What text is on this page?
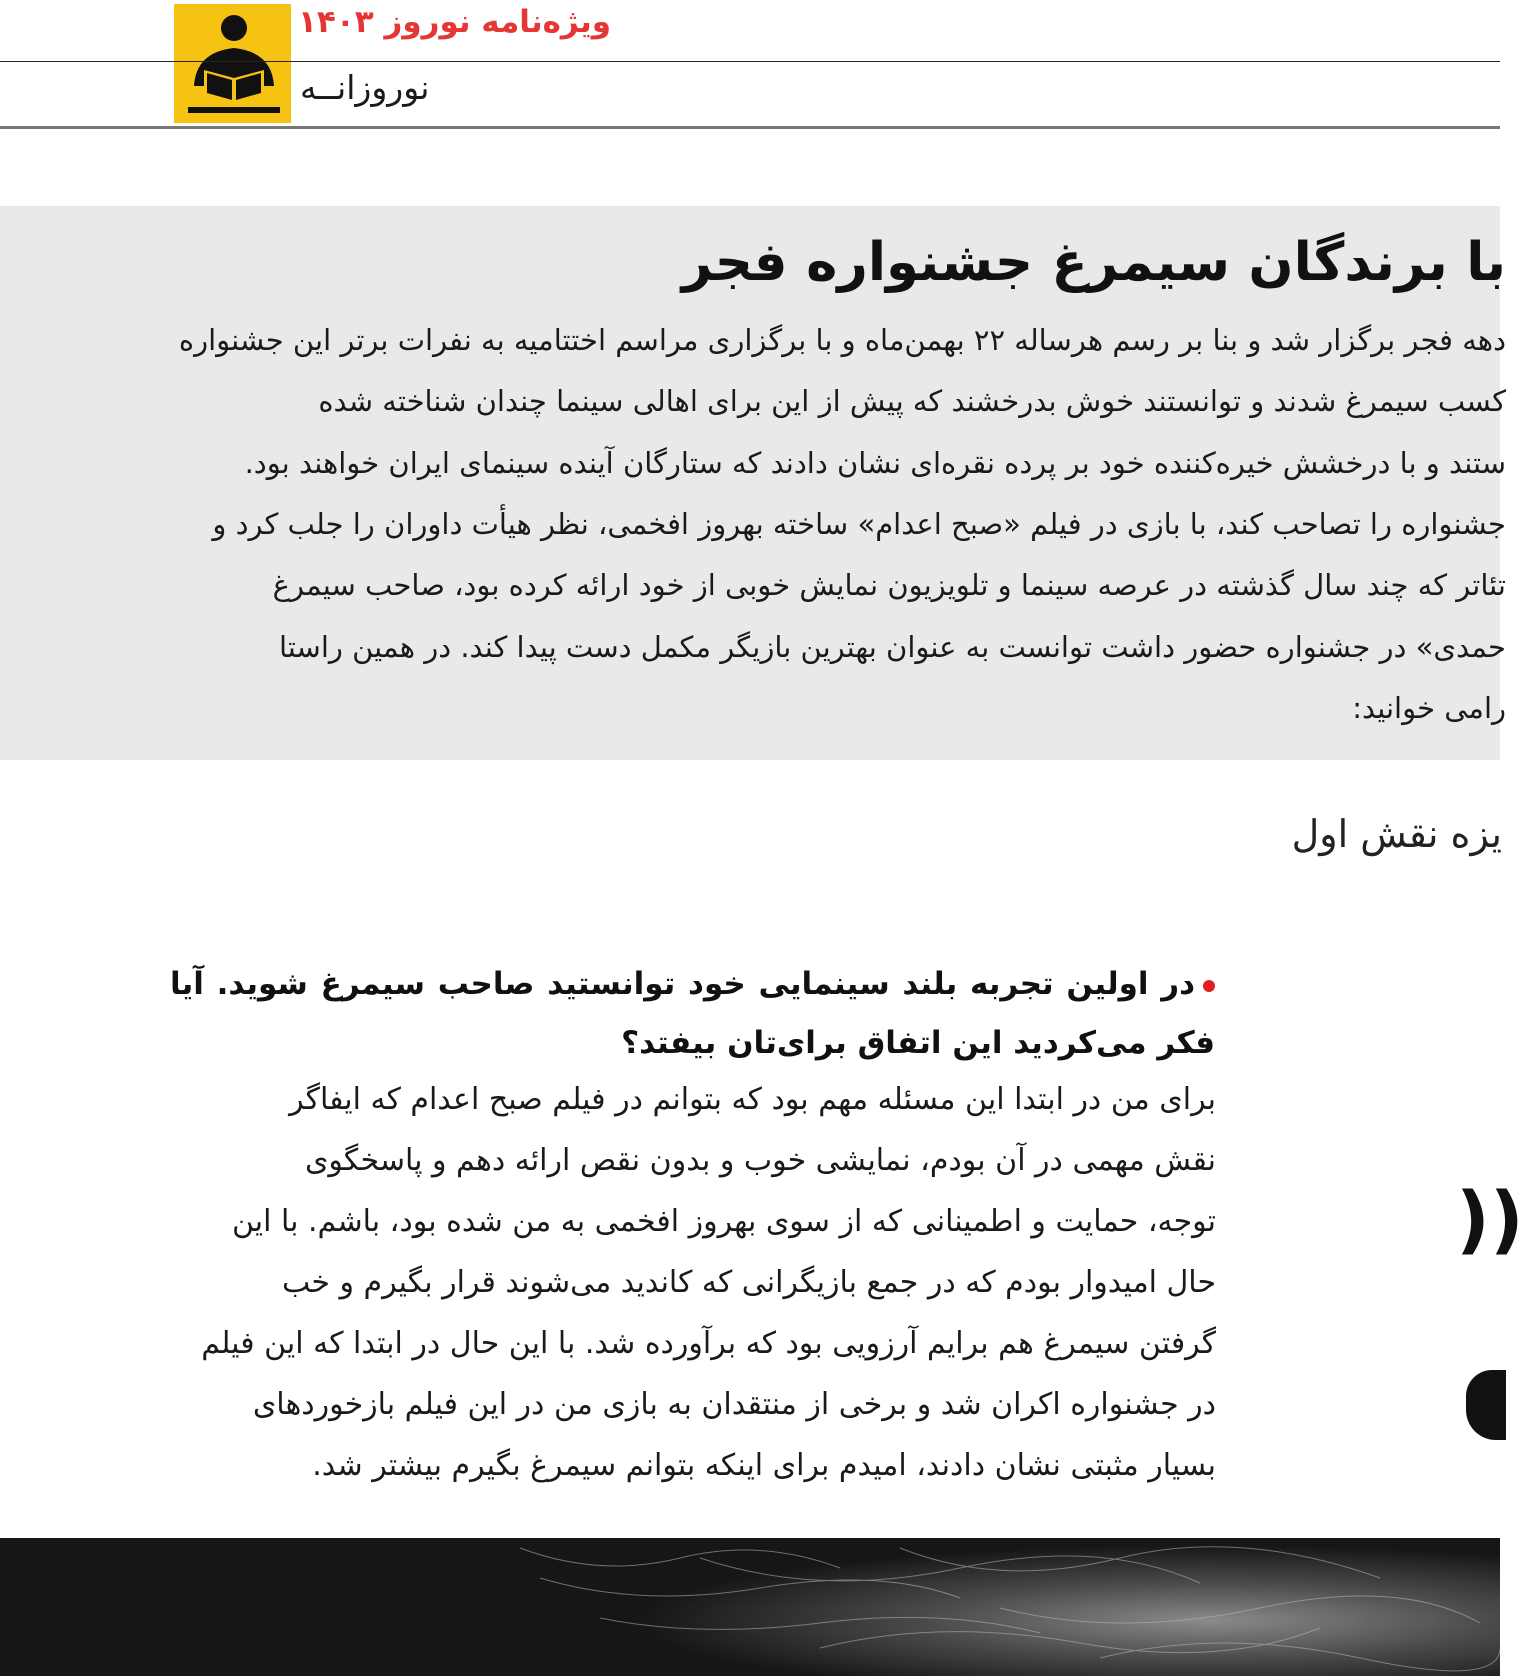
ویژه‌نامه نوروز ۱۴۰۳
نوروزانــه
با برندگان سیمرغ جشنواره فجر
دهه فجر برگزار شد و بنا بر رسم هرساله ۲۲ بهمن‌ماه و با برگزاری مراسم اختتامیه به نفرات برتر این جشنواره
کسب سیمرغ شدند و توانستند خوش بدرخشند که پیش از این برای اهالی سینما چندان شناخته شده
ستند و با درخشش خیره‌کننده خود بر پرده نقره‌ای نشان دادند که ستارگان آینده سینمای ایران خواهند بود.
جشنواره را تصاحب کند، با بازی در فیلم «صبح اعدام» ساخته بهروز افخمی، نظر هیأت داوران را جلب کرد و
تئاتر که چند سال گذشته در عرصه سینما و تلویزیون نمایش خوبی از خود ارائه کرده بود، صاحب سیمرغ
حمدی» در جشنواره حضور داشت توانست به عنوان بهترین بازیگر مکمل دست پیدا کند. در همین راستا
رامی خوانید:
یزه نقش اول
در اولین تجربه بلند سینمایی خود توانستید صاحب سیمرغ شوید. آیا فکر می‌کردید این اتفاق برای‌تان بیفتد؟
برای من در ابتدا این مسئله مهم بود که بتوانم در فیلم صبح اعدام که ایفاگر
نقش مهمی در آن بودم، نمایشی خوب و بدون نقص ارائه دهم و پاسخگوی
توجه، حمایت و اطمینانی که از سوی بهروز افخمی به من شده بود، باشم. با این
حال امیدوار بودم که در جمع بازیگرانی که کاندید می‌شوند قرار بگیرم و خب
گرفتن سیمرغ هم برایم آرزویی بود که برآورده شد. با این حال در ابتدا که این فیلم
در جشنواره اکران شد و برخی از منتقدان به بازی من در این فیلم بازخوردهای
بسیار مثبتی نشان دادند، امیدم برای اینکه بتوانم سیمرغ بگیرم بیشتر شد.
))
